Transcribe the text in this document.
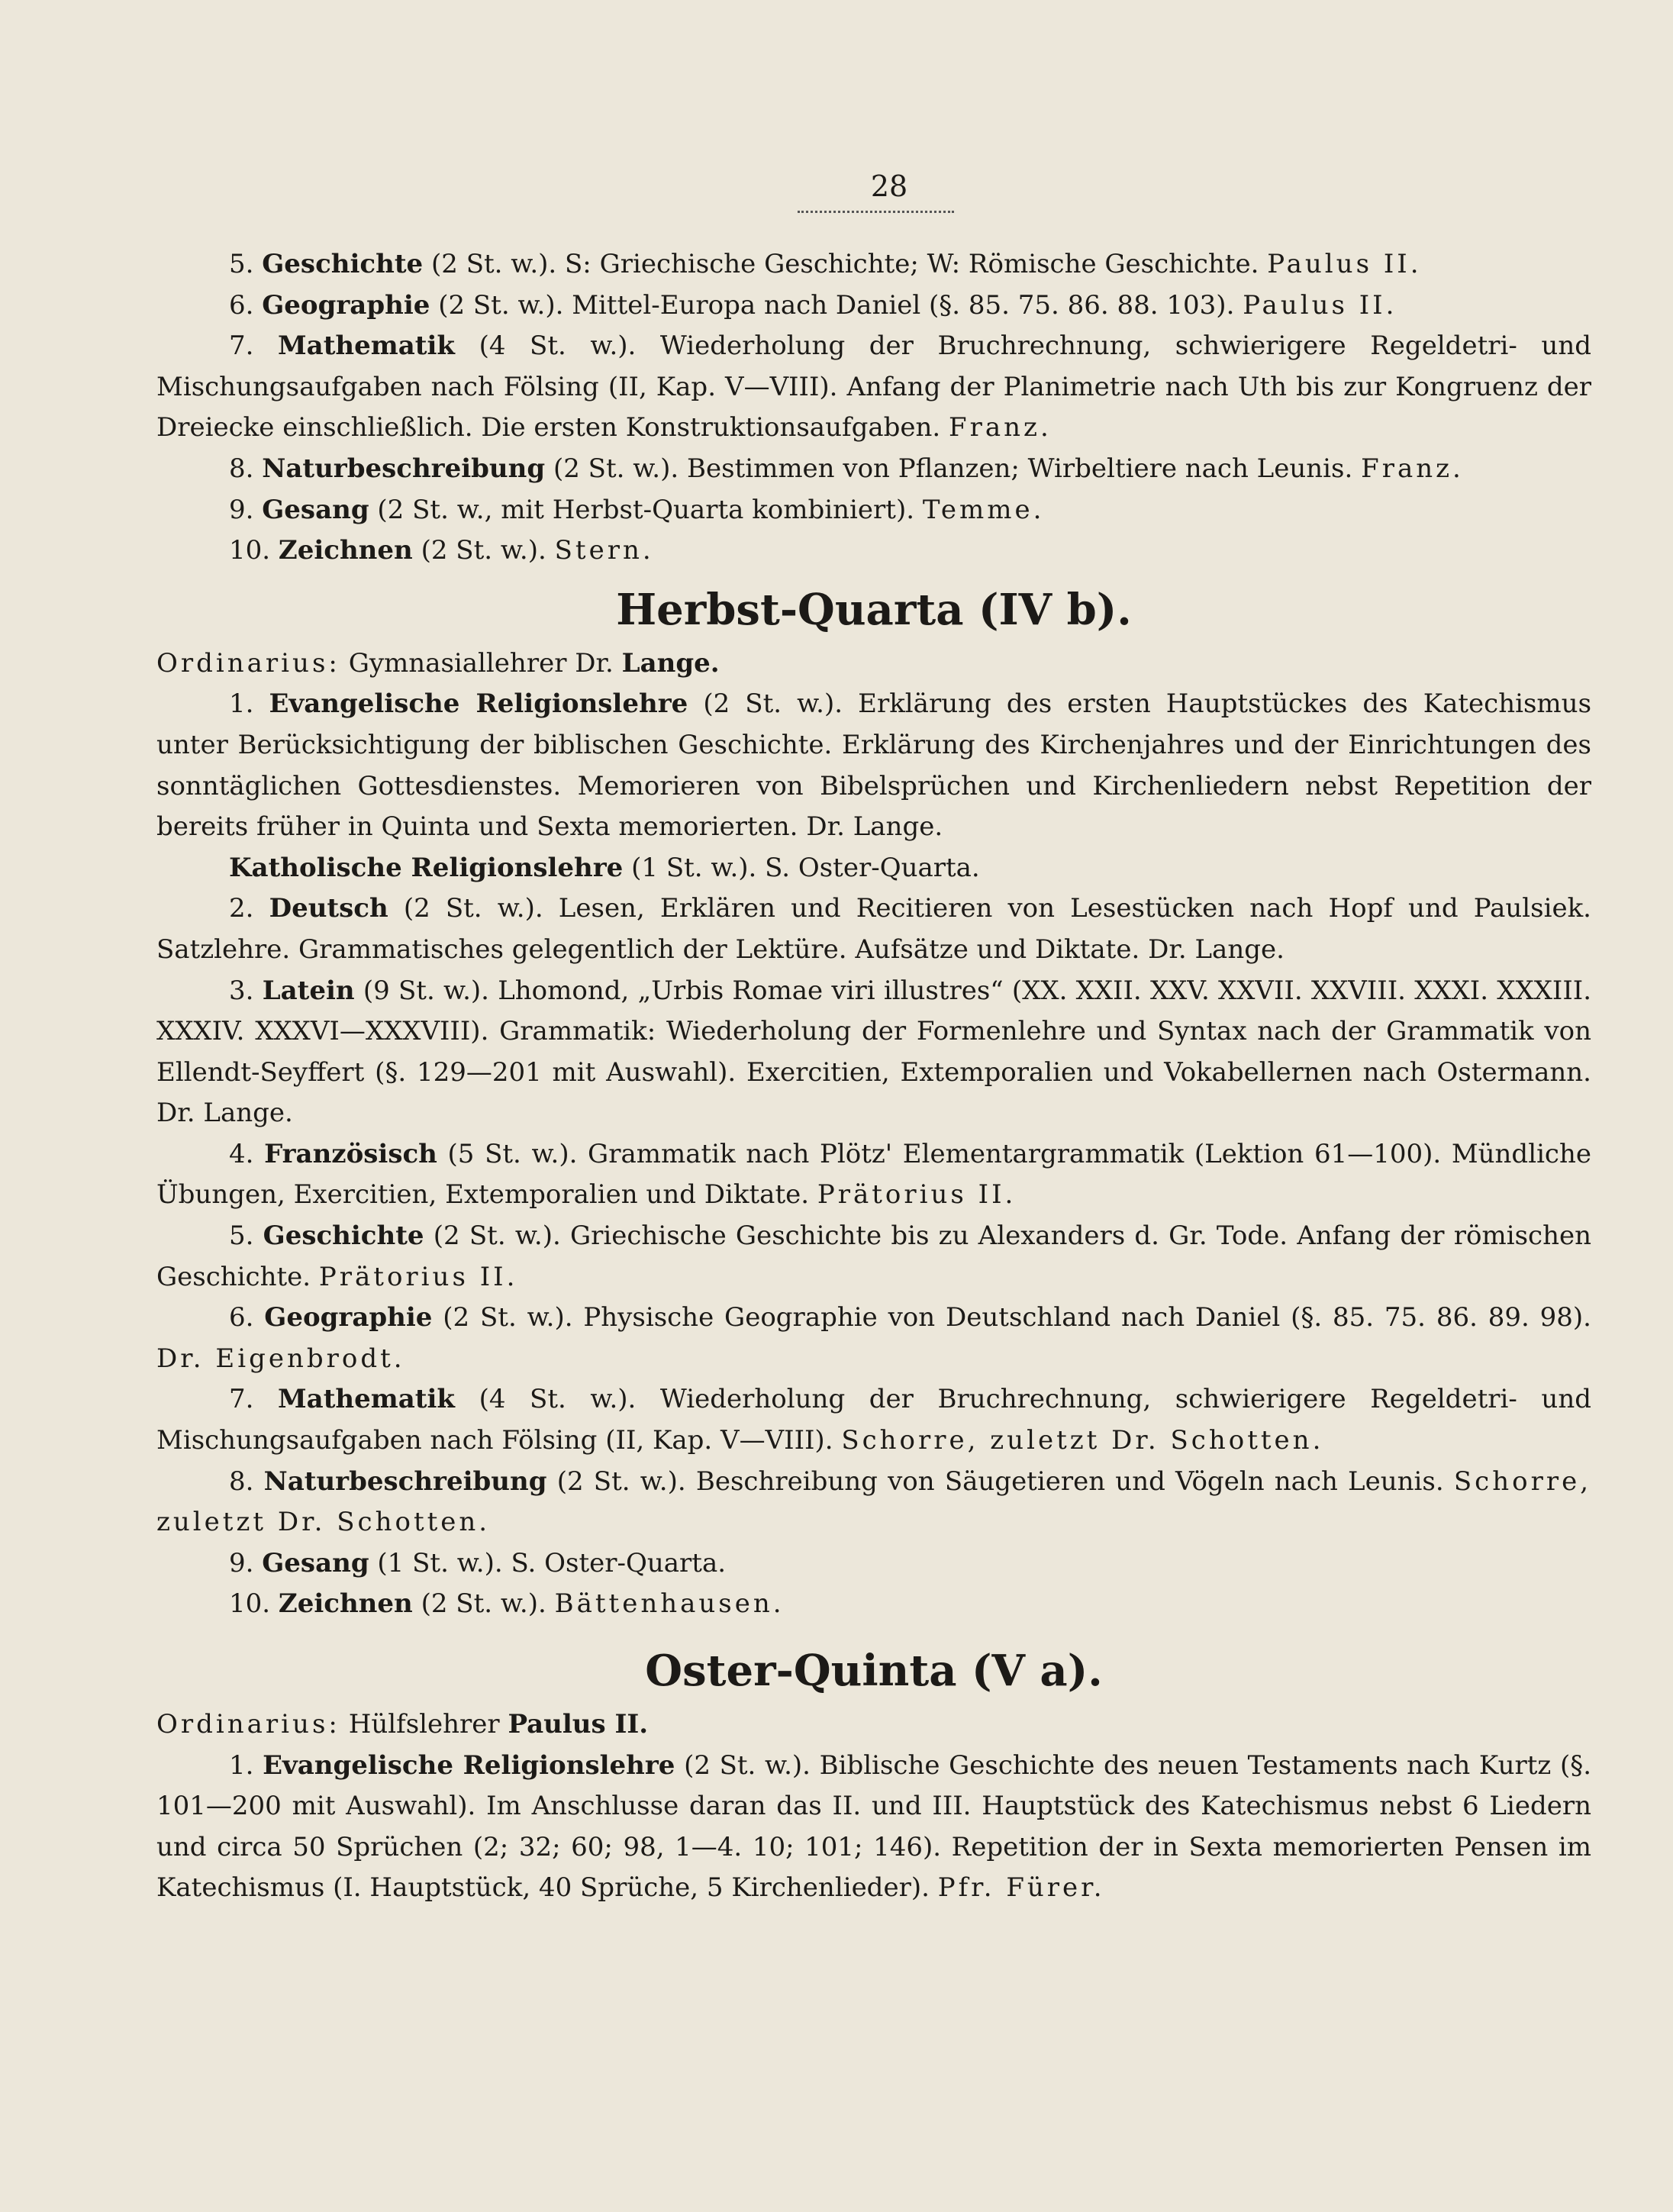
28

5. Geschichte (2 St. w.). S: Griechische Geschichte; W: Römische Geschichte. Paulus II.

6. Geographie (2 St. w.). Mittel-Europa nach Daniel (§. 85. 75. 86. 88. 103). Paulus II.

7. Mathematik (4 St. w.). Wiederholung der Bruchrechnung, schwierigere Regeldetri- und Mischungsaufgaben nach Fölsing (II, Kap. V—VIII). Anfang der Planimetrie nach Uth bis zur Kongruenz der Dreiecke einschließlich. Die ersten Konstruktionsaufgaben. Franz.

8. Naturbeschreibung (2 St. w.). Bestimmen von Pflanzen; Wirbeltiere nach Leunis. Franz.

9. Gesang (2 St. w., mit Herbst-Quarta kombiniert). Temme.

10. Zeichnen (2 St. w.). Stern.

Herbst-Quarta (IV b).

Ordinarius: Gymnasiallehrer Dr. Lange.

1. Evangelische Religionslehre (2 St. w.). Erklärung des ersten Hauptstückes des Katechismus unter Berücksichtigung der biblischen Geschichte. Erklärung des Kirchenjahres und der Einrichtungen des sonntäglichen Gottesdienstes. Memorieren von Bibelsprüchen und Kirchenliedern nebst Repetition der bereits früher in Quinta und Sexta memorierten. Dr. Lange.

Katholische Religionslehre (1 St. w.). S. Oster-Quarta.

2. Deutsch (2 St. w.). Lesen, Erklären und Recitieren von Lesestücken nach Hopf und Paulsiek. Satzlehre. Grammatisches gelegentlich der Lektüre. Aufsätze und Diktate. Dr. Lange.

3. Latein (9 St. w.). Lhomond, „Urbis Romae viri illustres“ (XX. XXII. XXV. XXVII. XXVIII. XXXI. XXXIII. XXXIV. XXXVI—XXXVIII). Grammatik: Wiederholung der Formenlehre und Syntax nach der Grammatik von Ellendt-Seyffert (§. 129—201 mit Auswahl). Exercitien, Extemporalien und Vokabellernen nach Ostermann. Dr. Lange.

4. Französisch (5 St. w.). Grammatik nach Plötz' Elementargrammatik (Lektion 61—100). Mündliche Übungen, Exercitien, Extemporalien und Diktate. Prätorius II.

5. Geschichte (2 St. w.). Griechische Geschichte bis zu Alexanders d. Gr. Tode. Anfang der römischen Geschichte. Prätorius II.

6. Geographie (2 St. w.). Physische Geographie von Deutschland nach Daniel (§. 85. 75. 86. 89. 98). Dr. Eigenbrodt.

7. Mathematik (4 St. w.). Wiederholung der Bruchrechnung, schwierigere Regeldetri- und Mischungsaufgaben nach Fölsing (II, Kap. V—VIII). Schorre, zuletzt Dr. Schotten.

8. Naturbeschreibung (2 St. w.). Beschreibung von Säugetieren und Vögeln nach Leunis. Schorre, zuletzt Dr. Schotten.

9. Gesang (1 St. w.). S. Oster-Quarta.

10. Zeichnen (2 St. w.). Bättenhausen.

Oster-Quinta (V a).

Ordinarius: Hülfslehrer Paulus II.

1. Evangelische Religionslehre (2 St. w.). Biblische Geschichte des neuen Testaments nach Kurtz (§. 101—200 mit Auswahl). Im Anschlusse daran das II. und III. Hauptstück des Katechismus nebst 6 Liedern und circa 50 Sprüchen (2; 32; 60; 98, 1—4. 10; 101; 146). Repetition der in Sexta memorierten Pensen im Katechismus (I. Hauptstück, 40 Sprüche, 5 Kirchenlieder). Pfr. Fürer.
